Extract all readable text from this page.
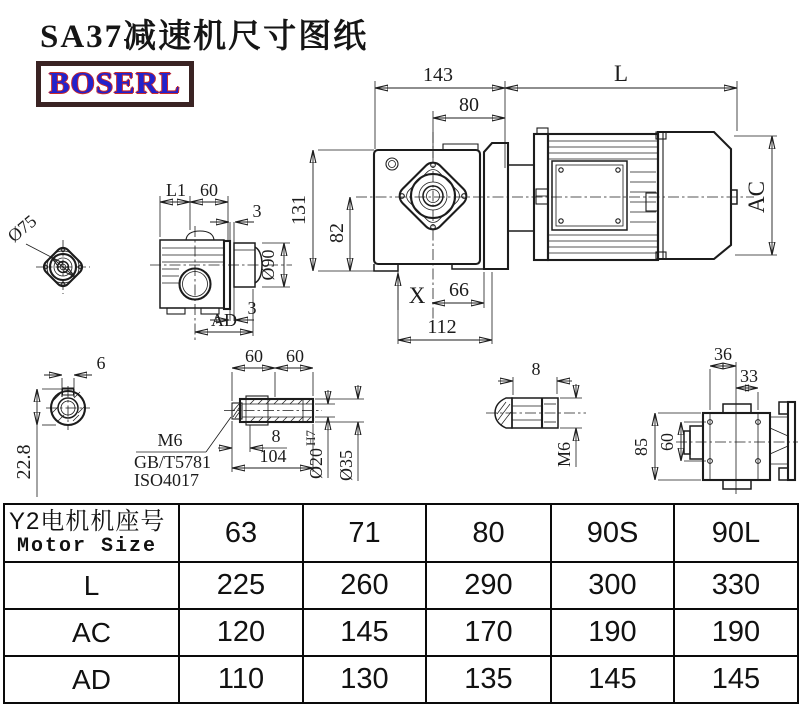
SA37减速机尺寸图纸
BOSERL	143	L
80
131
82
X 66
112
AC
L1 60
3
3
Ø90
AD
Ø75
6
22.8
60 60
8
104 Ø20
H7
Ø35
M6
GB/T5781
ISO4017
8
M6	85 60
36
33
Y2电机机座号
Motor Size	63	71	80	90S	90L
L	225	260	290	300	330
AC	120	145	170	190	190
AD	110	130	135	145	145
